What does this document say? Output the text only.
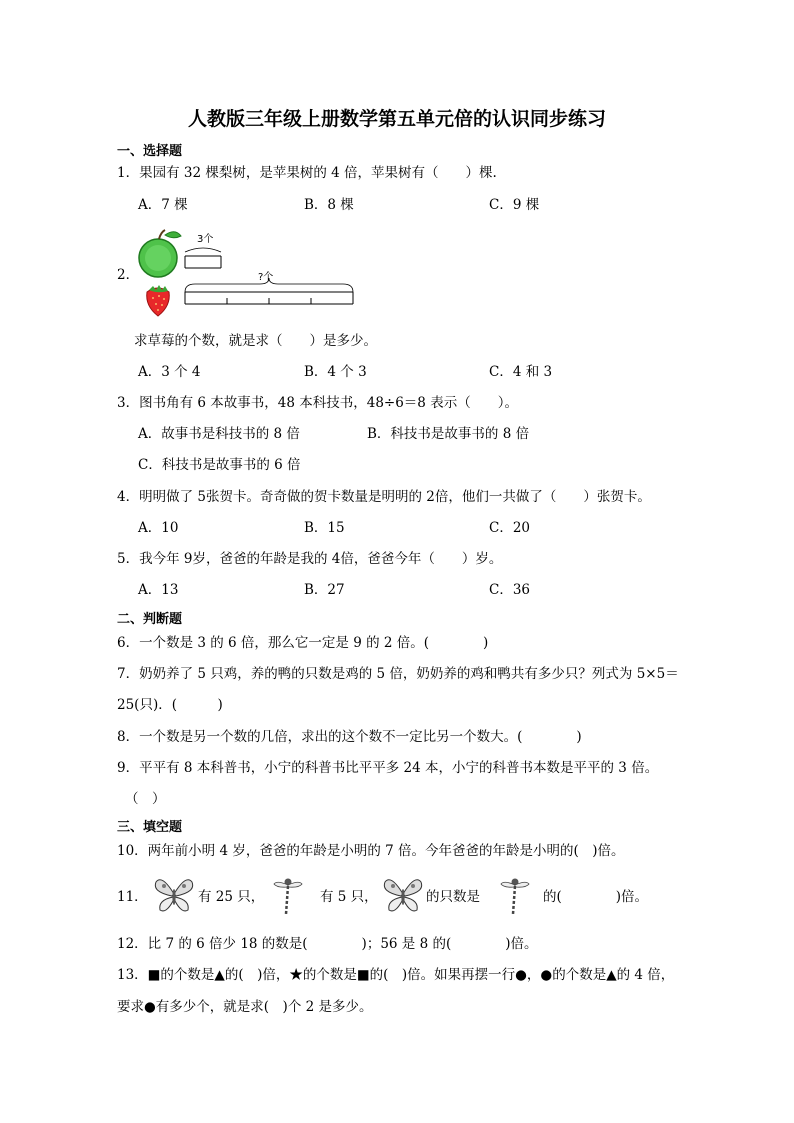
人教版三年级上册数学第五单元倍的认识同步练习
一、选择题
1．果园有 32 棵梨树，是苹果树的 4 倍，苹果树有（　　）棵.
A．7 棵	B．8 棵	C．9 棵
2．
3个
?个
求草莓的个数，就是求（　　）是多少。
A．3 个 4	B．4 个 3	C．4 和 3
3．图书角有 6 本故事书，48 本科技书，48÷6＝8 表示（　　）。
A．故事书是科技书的 8 倍	B．科技书是故事书的 8 倍
C．科技书是故事书的 6 倍
4．明明做了 5张贺卡。奇奇做的贺卡数量是明明的 2倍，他们一共做了（　　）张贺卡。
A．10	B．15	C．20
5．我今年 9岁，爸爸的年龄是我的 4倍，爸爸今年（　　）岁。
A．13	B．27	C．36
二、判断题
6．一个数是 3 的 6 倍，那么它一定是 9 的 2 倍。(　　　　)
7．奶奶养了 5 只鸡，养的鸭的只数是鸡的 5 倍，奶奶养的鸡和鸭共有多少只？列式为 5×5＝
25(只)．(　　　)
8．一个数是另一个数的几倍，求出的这个数不一定比另一个数大。(　　　　)
9．平平有 8 本科普书，小宁的科普书比平平多 24 本，小宁的科普书本数是平平的 3 倍。
（　）
三、填空题
10．两年前小明 4 岁，爸爸的年龄是小明的 7 倍。今年爸爸的年龄是小明的(　)倍。
11．	有 25 只，	有 5 只，	的只数是	的(　　　　)倍。
12．比 7 的 6 倍少 18 的数是(　　　　)；56 是 8 的(　　　　)倍。
13．■的个数是▲的(　)倍，★的个数是■的(　)倍。如果再摆一行●，●的个数是▲的 4 倍，
要求●有多少个，就是求(　)个 2 是多少。
